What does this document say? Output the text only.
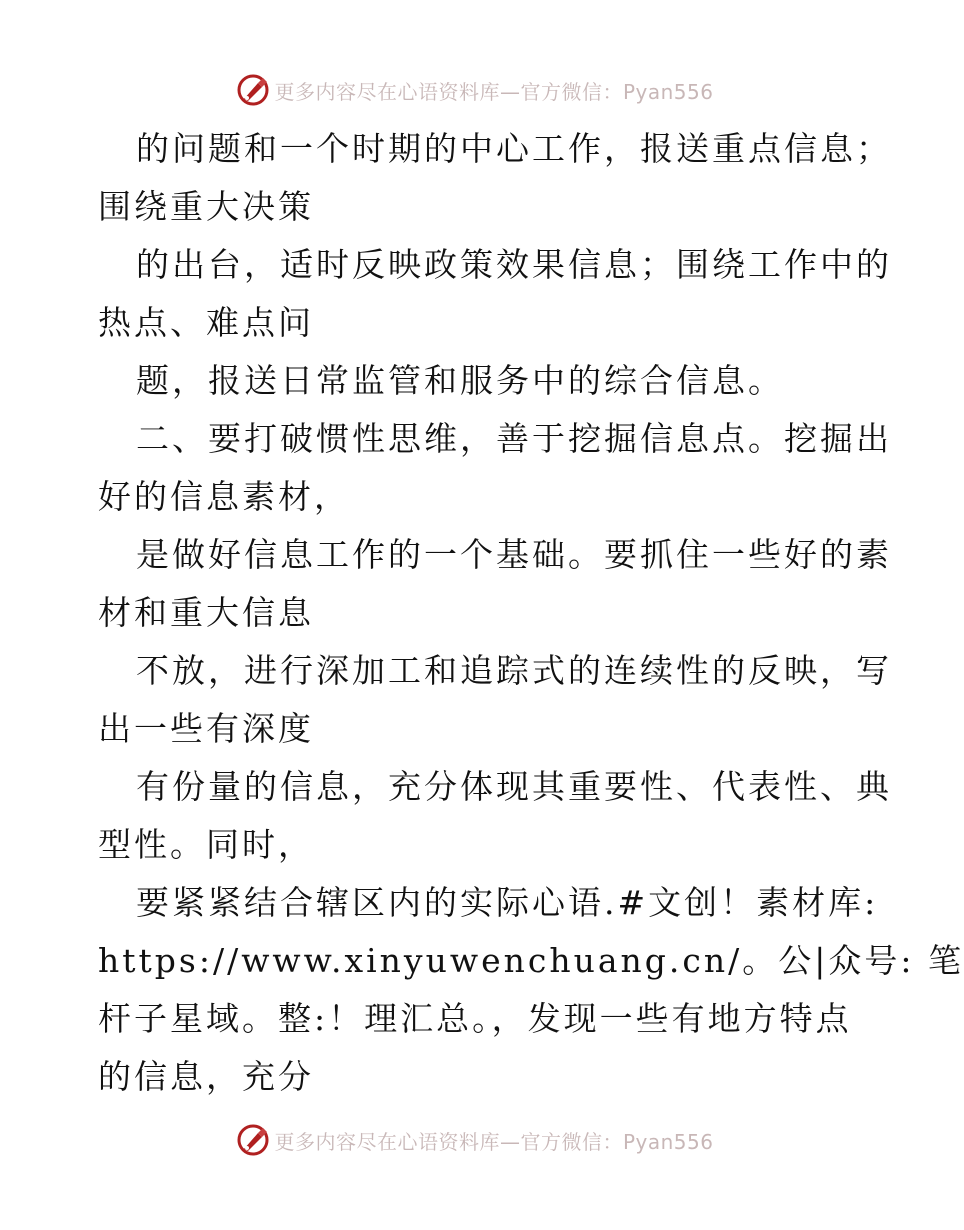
更多内容尽在心语资料库—官方微信：Pyan556
的问题和一个时期的中心工作，报送重点信息；
围绕重大决策
的出台，适时反映政策效果信息；围绕工作中的
热点、难点问
题，报送日常监管和服务中的综合信息。
二、要打破惯性思维，善于挖掘信息点。挖掘出
好的信息素材，
是做好信息工作的一个基础。要抓住一些好的素
材和重大信息
不放，进行深加工和追踪式的连续性的反映，写
出一些有深度
有份量的信息，充分体现其重要性、代表性、典
型性。同时，
要紧紧结合辖区内的实际心语.#文创！素材库:
https://www.xinyuwenchuang.cn/。公|众号: 笔
杆子星域。整:！理汇总。，发现一些有地方特点
的信息，充分
更多内容尽在心语资料库—官方微信：Pyan556
